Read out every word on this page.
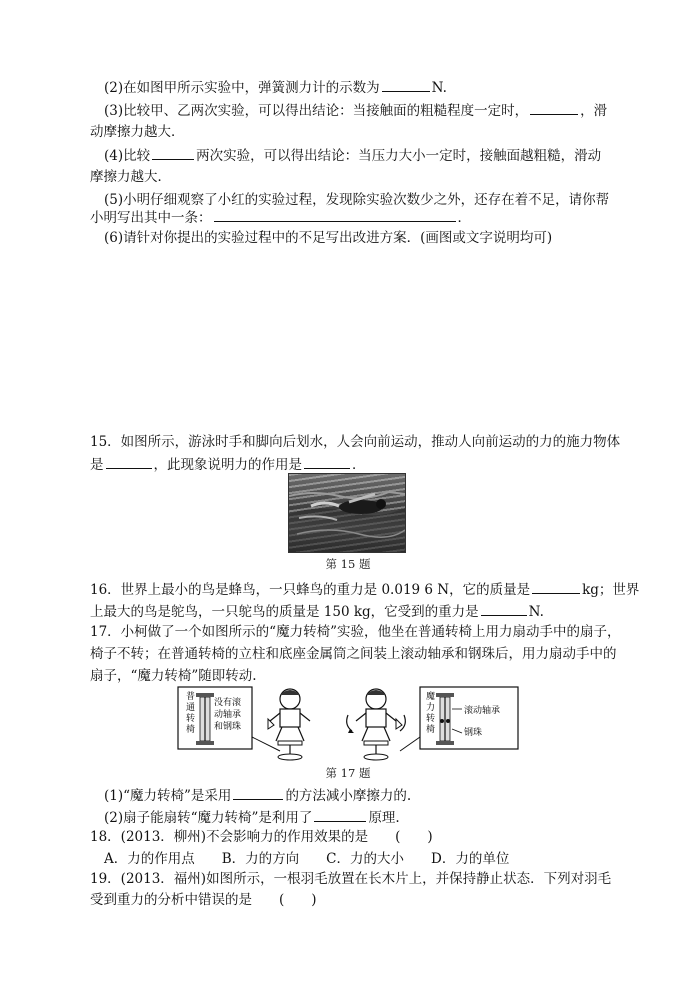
(2)在如图甲所示实验中，弹簧测力计的示数为	N.
(3)比较甲、乙两次实验，可以得出结论：当接触面的粗糙程度一定时，	，滑
动摩擦力越大．
(4)比较	两次实验，可以得出结论：当压力大小一定时，接触面越粗糙，滑动
摩擦力越大．
(5)小明仔细观察了小红的实验过程，发现除实验次数少之外，还存在着不足，请你帮
小明写出其中一条：	．
(6)请针对你提出的实验过程中的不足写出改进方案．(画图或文字说明均可)
15．如图所示，游泳时手和脚向后划水，人会向前运动，推动人向前运动的力的施力物体
是	，此现象说明力的作用是	．
第 15 题
16．世界上最小的鸟是蜂鸟，一只蜂鸟的重力是 0.019 6 N，它的质量是	kg；世界
上最大的鸟是鸵鸟，一只鸵鸟的质量是 150 kg，它受到的重力是	N.
17．小柯做了一个如图所示的“魔力转椅”实验，他坐在普通转椅上用力扇动手中的扇子，
椅子不转；在普通转椅的立柱和底座金属筒之间装上滚动轴承和钢珠后，用力扇动手中的
扇子，“魔力转椅”随即转动.
普
通
转
椅
没有滚
动轴承
和钢珠
魔
力
转
椅
滚动轴承
钢珠
第 17 题
(1)“魔力转椅”是采用	的方法减小摩擦力的.
(2)扇子能扇转“魔力转椅”是利用了	原理.
18．(2013．柳州)不会影响力的作用效果的是　　(　　)
A．力的作用点　　B．力的方向　　C．力的大小　　D．力的单位
19．(2013．福州)如图所示，一根羽毛放置在长木片上，并保持静止状态．下列对羽毛
受到重力的分析中错误的是　　(　　)
